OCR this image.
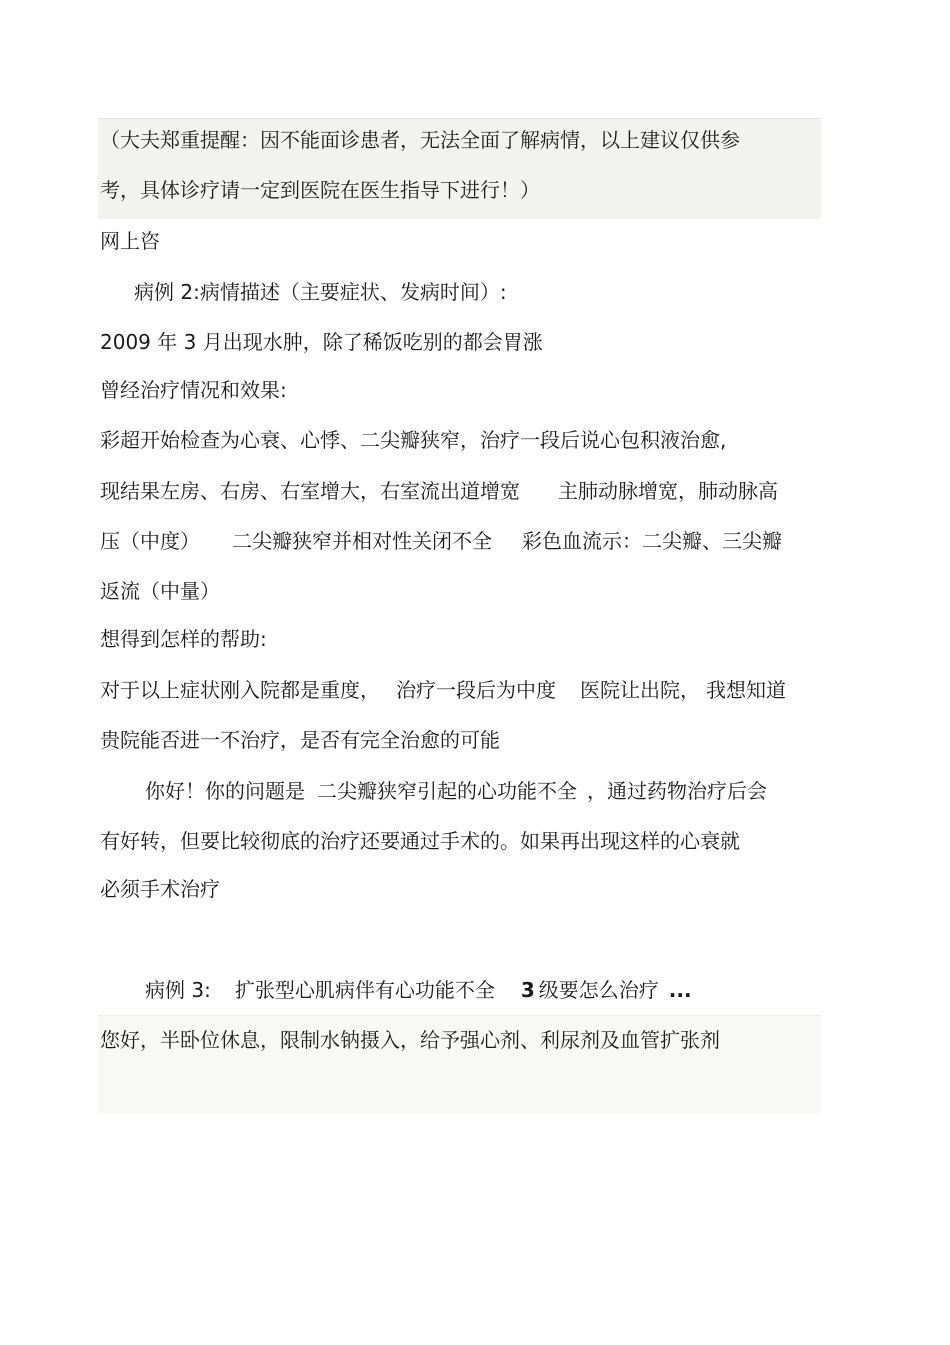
（大夫郑重提醒：因不能面诊患者，无法全面了解病情，以上建议仅供参
考，具体诊疗请一定到医院在医生指导下进行！）
网上咨
病例 2:病情描述（主要症状、发病时间）:
2009 年 3 月出现水肿，除了稀饭吃别的都会胃涨
曾经治疗情况和效果:
彩超开始检查为心衰、心悸、二尖瓣狭窄，治疗一段后说心包积液治愈,
现结果左房、右房、右室增大，右室流出道增宽 主肺动脉增宽，肺动脉高
压（中度） 二尖瓣狭窄并相对性关闭不全 彩色血流示：二尖瓣、三尖瓣
返流（中量）
想得到怎样的帮助:
对于以上症状刚入院都是重度， 治疗一段后为中度 医院让出院， 我想知道
贵院能否进一不治疗，是否有完全治愈的可能
你好！你的问题是 二尖瓣狭窄引起的心功能不全 ，通过药物治疗后会
有好转，但要比较彻底的治疗还要通过手术的。如果再出现这样的心衰就
必须手术治疗
病例 3: 扩张型心肌病伴有心功能不全 3 级要怎么治疗 ...
您好，半卧位休息，限制水钠摄入，给予强心剂、利尿剂及血管扩张剂
